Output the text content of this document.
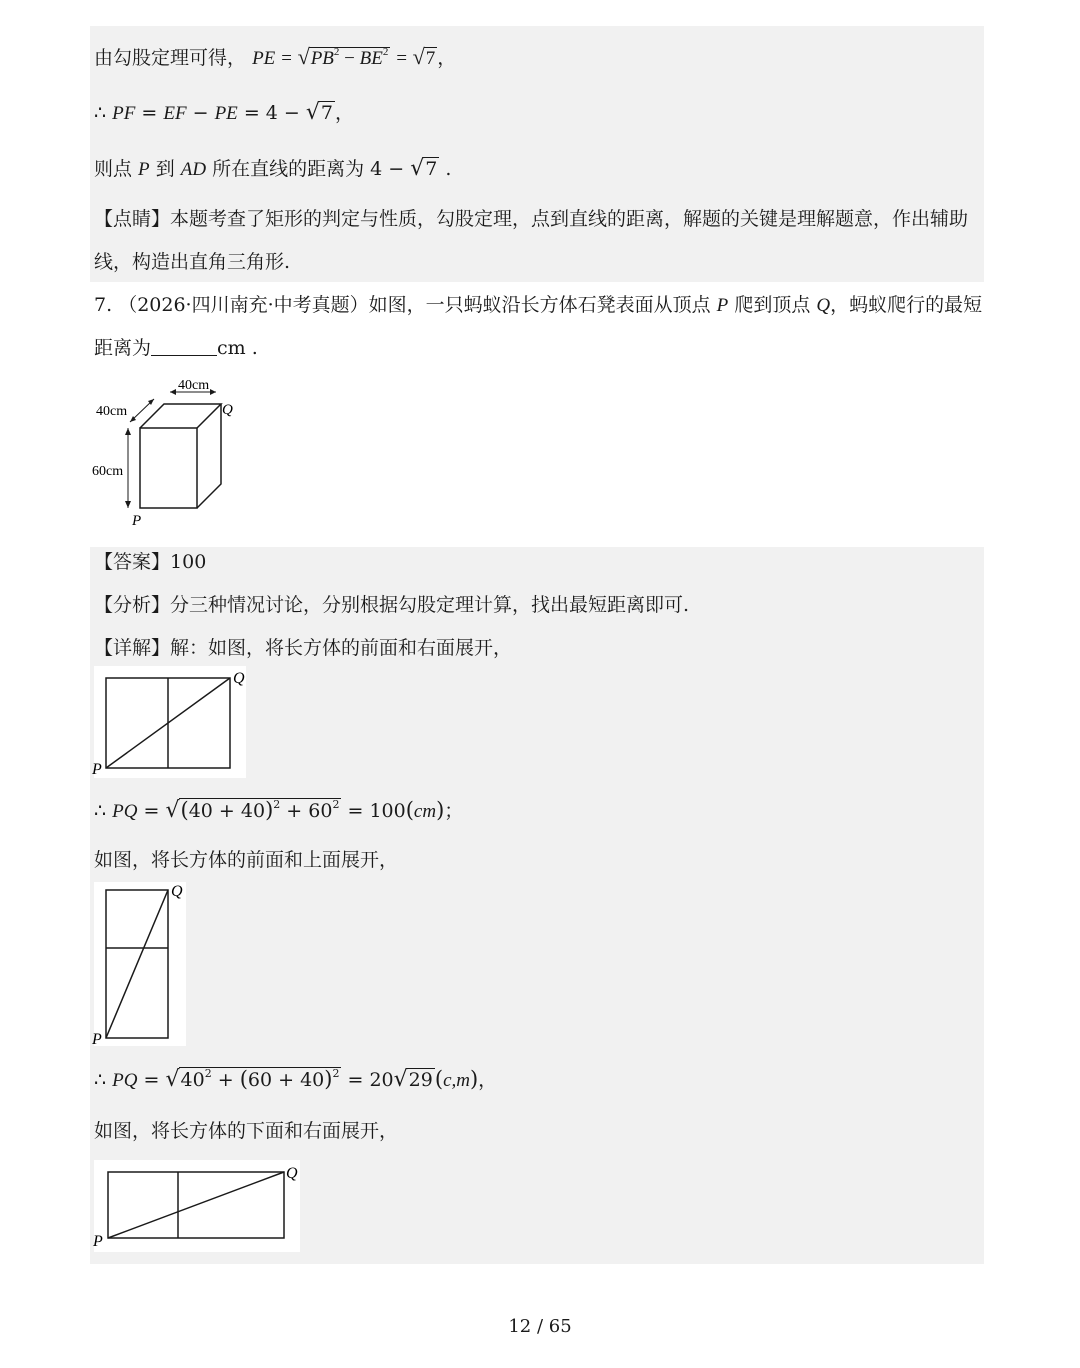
由勾股定理可得， PE = $√PB^2 - BE^2 = √7$ ，
∴ PF = EF − PE = 4 − √7 ，
则点 P 到 AD 所在直线的距离为 4 − √7 .
【点睛】本题考查了矩形的判定与性质，勾股定理，点到直线的距离，解题的关键是理解题意，作出辅助
线，构造出直角三角形.
7. （2026·四川南充·中考真题）如图，一只蚂蚁沿长方体石凳表面从顶点 P 爬到顶点 Q，蚂蚁爬行的最短
距离为	cm .
40cm
40cm
60cm
Q
P
【答案】100
【分析】分三种情况讨论，分别根据勾股定理计算，找出最短距离即可.
【详解】解：如图，将长方体的前面和右面展开，
Q
P
∴ PQ = $√(40 + 40)^2 + 60^2 = 100(cm)$；
如图，将长方体的前面和上面展开，
Q
P
∴ PQ = $√40^2 + (60 + 40)^2 = 20√29(c,m)$，
如图，将长方体的下面和右面展开，
Q
P
12 / 65
